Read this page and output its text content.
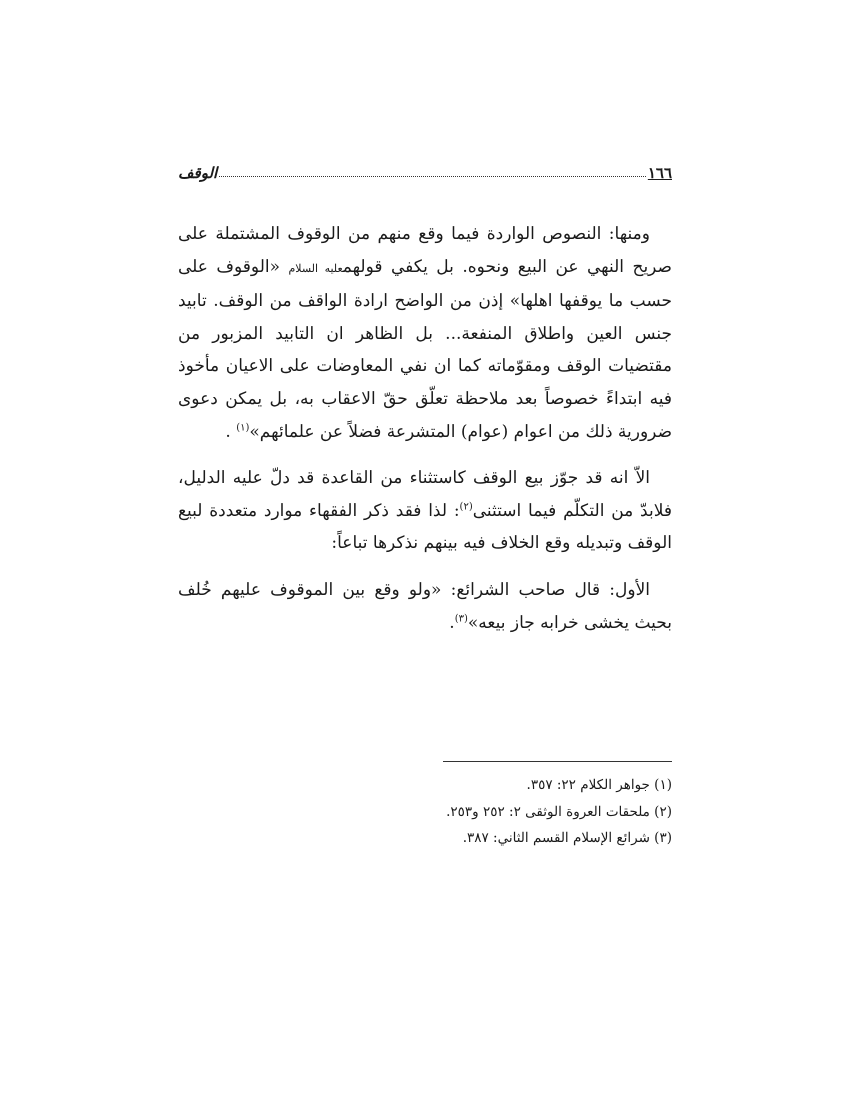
١٦٦
الوقف

ومنها: النصوص الواردة فيما وقع منهم من الوقوف المشتملة على صريح النهي عن البيع ونحوه. بل يكفي قولهمعليه السلام «الوقوف على حسب ما يوقفها اهلها» إذن من الواضح ارادة الواقف من الوقف. تابيد جنس العين واطلاق المنفعة... بل الظاهر ان التابيد المزبور من مقتضيات الوقف ومقوّماته كما ان نفي المعاوضات على الاعيان مأخوذ فيه ابتداءً خصوصاً بعد ملاحظة تعلّق حقّ الاعقاب به، بل يمكن دعوى ضرورية ذلك من اعوام (عوام) المتشرعة فضلاً عن علمائهم»$^{(١)}$ .

الاّ انه قد جوّز بيع الوقف كاستثناء من القاعدة قد دلّ عليه الدليل، فلابدّ من التكلّم فيما استثنى$^{(٢)}$: لذا فقد ذكر الفقهاء موارد متعددة لبيع الوقف وتبديله وقع الخلاف فيه بينهم نذكرها تباعاً:

الأول: قال صاحب الشرائع: «ولو وقع بين الموقوف عليهم خُلف بحيث يخشى خرابه جاز بيعه»$^{(٣)}$.

(١) جواهر الكلام ٢٢: ٣٥٧.
(٢) ملحقات العروة الوثقى ٢: ٢٥٢ و٢٥٣.
(٣) شرائع الإسلام القسم الثاني: ٣٨٧.
